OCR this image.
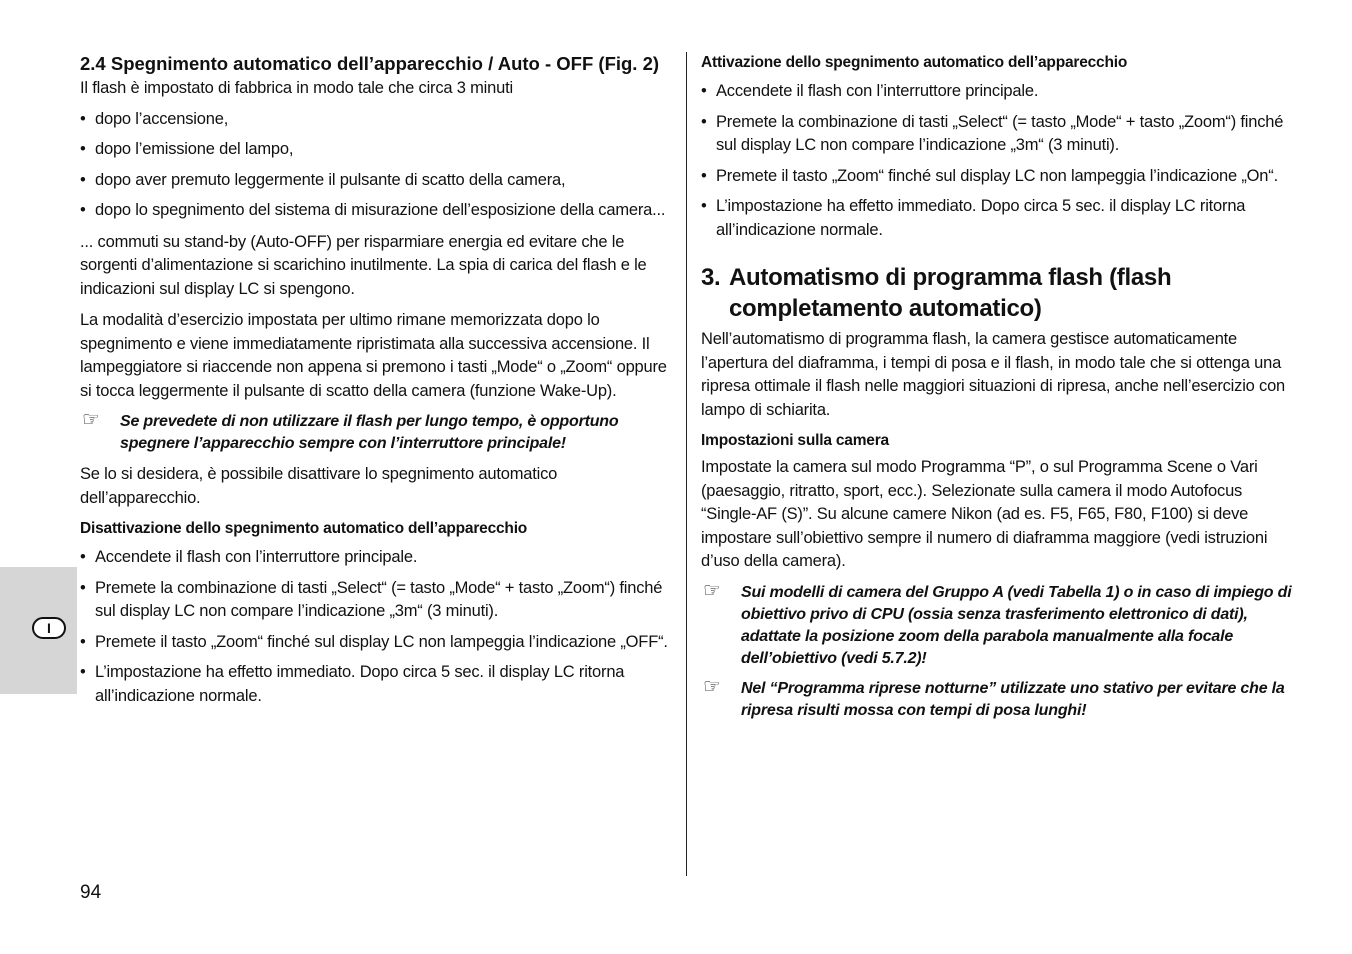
I

2.4 Spegnimento automatico dell’apparecchio / Auto - OFF (Fig. 2)

Il flash è impostato di fabbrica in modo tale che circa 3 minuti

• dopo l’accensione,

• dopo l’emissione del lampo,

• dopo aver premuto leggermente il pulsante di scatto della camera,

• dopo lo spegnimento del sistema di misurazione dell’esposizione della camera...

... commuti su stand-by (Auto-OFF) per risparmiare energia ed evitare che le sorgenti d’alimentazione si scarichino inutilmente. La spia di carica del flash e le indicazioni sul display LC si spengono.

La modalità d’esercizio impostata per ultimo rimane memorizzata dopo lo spegnimento e viene immediatamente ripristimata alla successiva accensione. Il lampeggiatore si riaccende non appena si premono i tasti „Mode“ o „Zoom“ oppure si tocca leggermente il pulsante di scatto della camera (funzione Wake-Up).

☞ Se prevedete di non utilizzare il flash per lungo tempo, è opportuno spegnere l’apparecchio sempre con l’interruttore principale!

Se lo si desidera, è possibile disattivare lo spegnimento automatico dell’apparecchio.

Disattivazione dello spegnimento automatico dell’apparecchio

• Accendete il flash con l’interruttore principale.

• Premete la combinazione di tasti „Select“ (= tasto „Mode“ + tasto „Zoom“) finché sul display LC non compare l’indicazione „3m“ (3 minuti).

• Premete il tasto „Zoom“ finché sul display LC non lampeggia l’indicazione „OFF“.

• L’impostazione ha effetto immediato. Dopo circa 5 sec. il display LC ritorna all’indicazione normale.

Attivazione dello spegnimento automatico dell’apparecchio

• Accendete il flash con l’interruttore principale.

• Premete la combinazione di tasti „Select“ (= tasto „Mode“ + tasto „Zoom“) finché sul display LC non compare l’indicazione „3m“ (3 minuti).

• Premete il tasto „Zoom“ finché sul display LC non lampeggia l’indicazione „On“.

• L’impostazione ha effetto immediato. Dopo circa 5 sec. il display LC ritorna all’indicazione normale.

3. Automatismo di programma flash (flash completamento automatico)

Nell’automatismo di programma flash, la camera gestisce automaticamente l’apertura del diaframma, i tempi di posa e il flash, in modo tale che si ottenga una ripresa ottimale il flash nelle maggiori situazioni di ripresa, anche nell’esercizio con lampo di schiarita.

Impostazioni sulla camera

Impostate la camera sul modo Programma “P”, o sul Programma Scene o Vari (paesaggio, ritratto, sport, ecc.). Selezionate sulla camera il modo Autofocus “Single-AF (S)”. Su alcune camere Nikon (ad es. F5, F65, F80, F100) si deve impostare sull’obiettivo sempre il numero di diaframma maggiore (vedi istruzioni d’uso della camera).

☞ Sui modelli di camera del Gruppo A (vedi Tabella 1) o in caso di impiego di obiettivo privo di CPU (ossia senza trasferimento elettronico di dati), adattate la posizione zoom della parabola manualmente alla focale dell’obiettivo (vedi 5.7.2)!

☞ Nel “Programma riprese notturne” utilizzate uno stativo per evitare che la ripresa risulti mossa con tempi di posa lunghi!

94
